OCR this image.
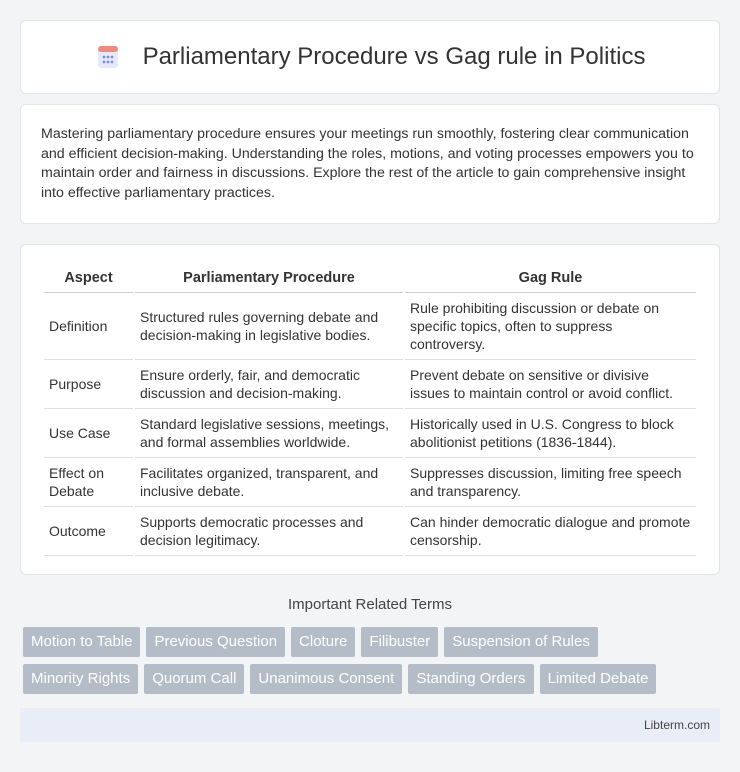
Parliamentary Procedure vs Gag rule in Politics

Mastering parliamentary procedure ensures your meetings run smoothly, fostering clear communication and efficient decision-making. Understanding the roles, motions, and voting processes empowers you to maintain order and fairness in discussions. Explore the rest of the article to gain comprehensive insight into effective parliamentary practices.

Aspect	Parliamentary Procedure	Gag Rule
Definition	Structured rules governing debate and decision-making in legislative bodies.	Rule prohibiting discussion or debate on specific topics, often to suppress controversy.
Purpose	Ensure orderly, fair, and democratic discussion and decision-making.	Prevent debate on sensitive or divisive issues to maintain control or avoid conflict.
Use Case	Standard legislative sessions, meetings, and formal assemblies worldwide.	Historically used in U.S. Congress to block abolitionist petitions (1836-1844).
Effect on Debate	Facilitates organized, transparent, and inclusive debate.	Suppresses discussion, limiting free speech and transparency.
Outcome	Supports democratic processes and decision legitimacy.	Can hinder democratic dialogue and promote censorship.
Important Related Terms
Motion to Table	Previous Question	Cloture	Filibuster	Suspension of Rules
Minority Rights	Quorum Call	Unanimous Consent	Standing Orders	Limited Debate
Libterm.com
